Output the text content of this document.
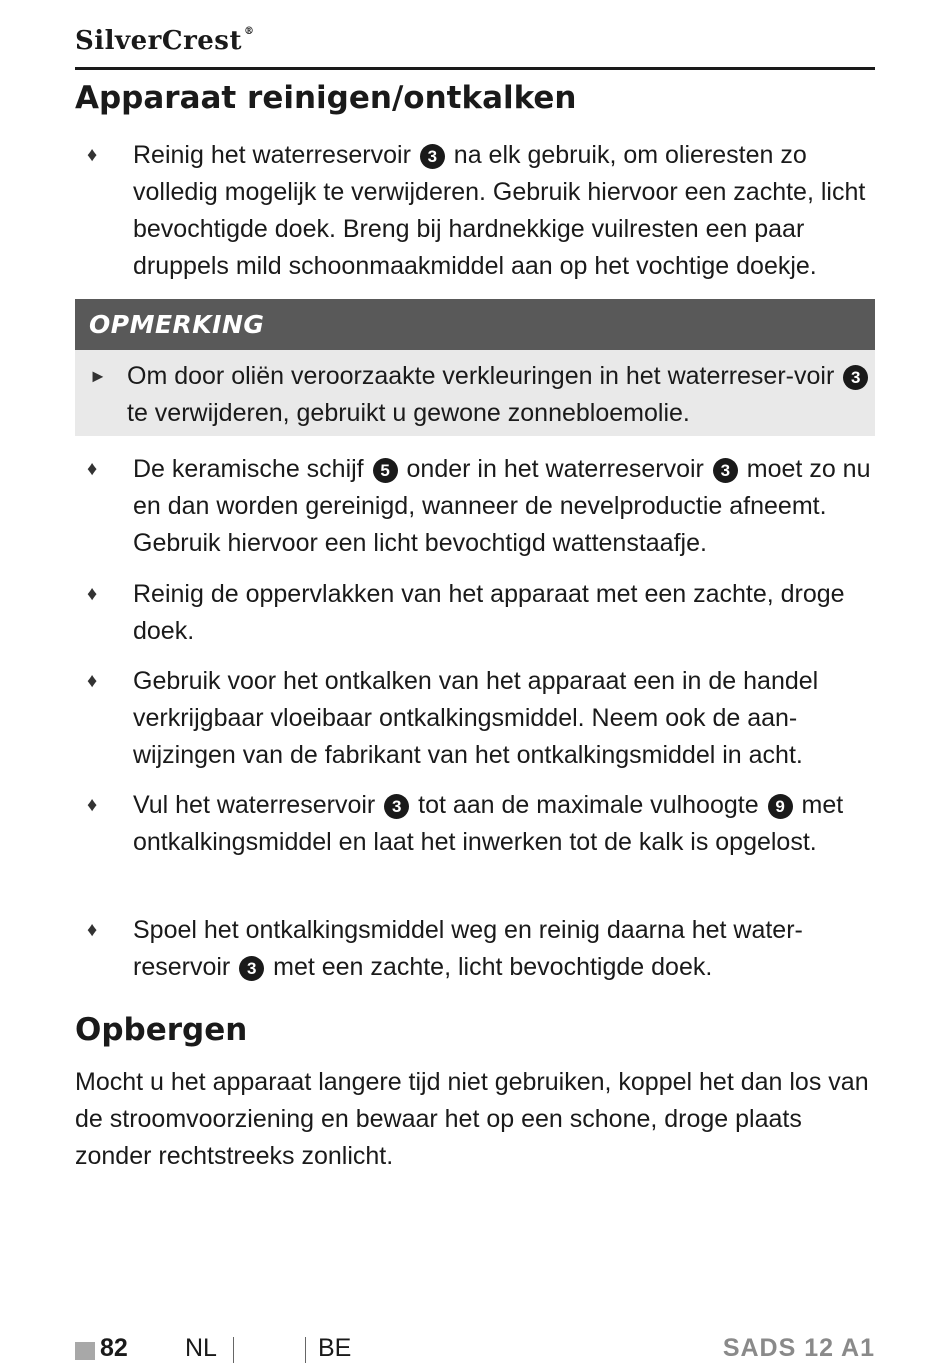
SilverCrest ®
Apparaat reinigen/ontkalken
♦ Reinig het waterreservoir 3 na elk gebruik, om olieresten zo volledig mogelijk te verwijderen. Gebruik hiervoor een zachte, licht bevochtigde doek. Breng bij hardnekkige vuilresten een paar druppels mild schoonmaakmiddel aan op het vochtige doekje.
OPMERKING
► Om door oliën veroorzaakte verkleuringen in het waterreser-voir 3 te verwijderen, gebruikt u gewone zonnebloemolie.
♦ De keramische schijf 5 onder in het waterreservoir 3 moet zo nu en dan worden gereinigd, wanneer de nevelproductie afneemt. Gebruik hiervoor een licht bevochtigd wattenstaafje.
♦ Reinig de oppervlakken van het apparaat met een zachte, droge doek.
♦ Gebruik voor het ontkalken van het apparaat een in de handel verkrijgbaar vloeibaar ontkalkingsmiddel. Neem ook de aan-wijzingen van de fabrikant van het ontkalkingsmiddel in acht.
♦ Vul het waterreservoir 3 tot aan de maximale vulhoogte 9 met ontkalkingsmiddel en laat het inwerken tot de kalk is opgelost.
♦ Spoel het ontkalkingsmiddel weg en reinig daarna het water-reservoir 3 met een zachte, licht bevochtigde doek.
Opbergen

Mocht u het apparaat langere tijd niet gebruiken, koppel het dan los van de stroomvoorziening en bewaar het op een schone, droge plaats zonder rechtstreeks zonlicht.

82 NL	BE	SADS 12 A1
